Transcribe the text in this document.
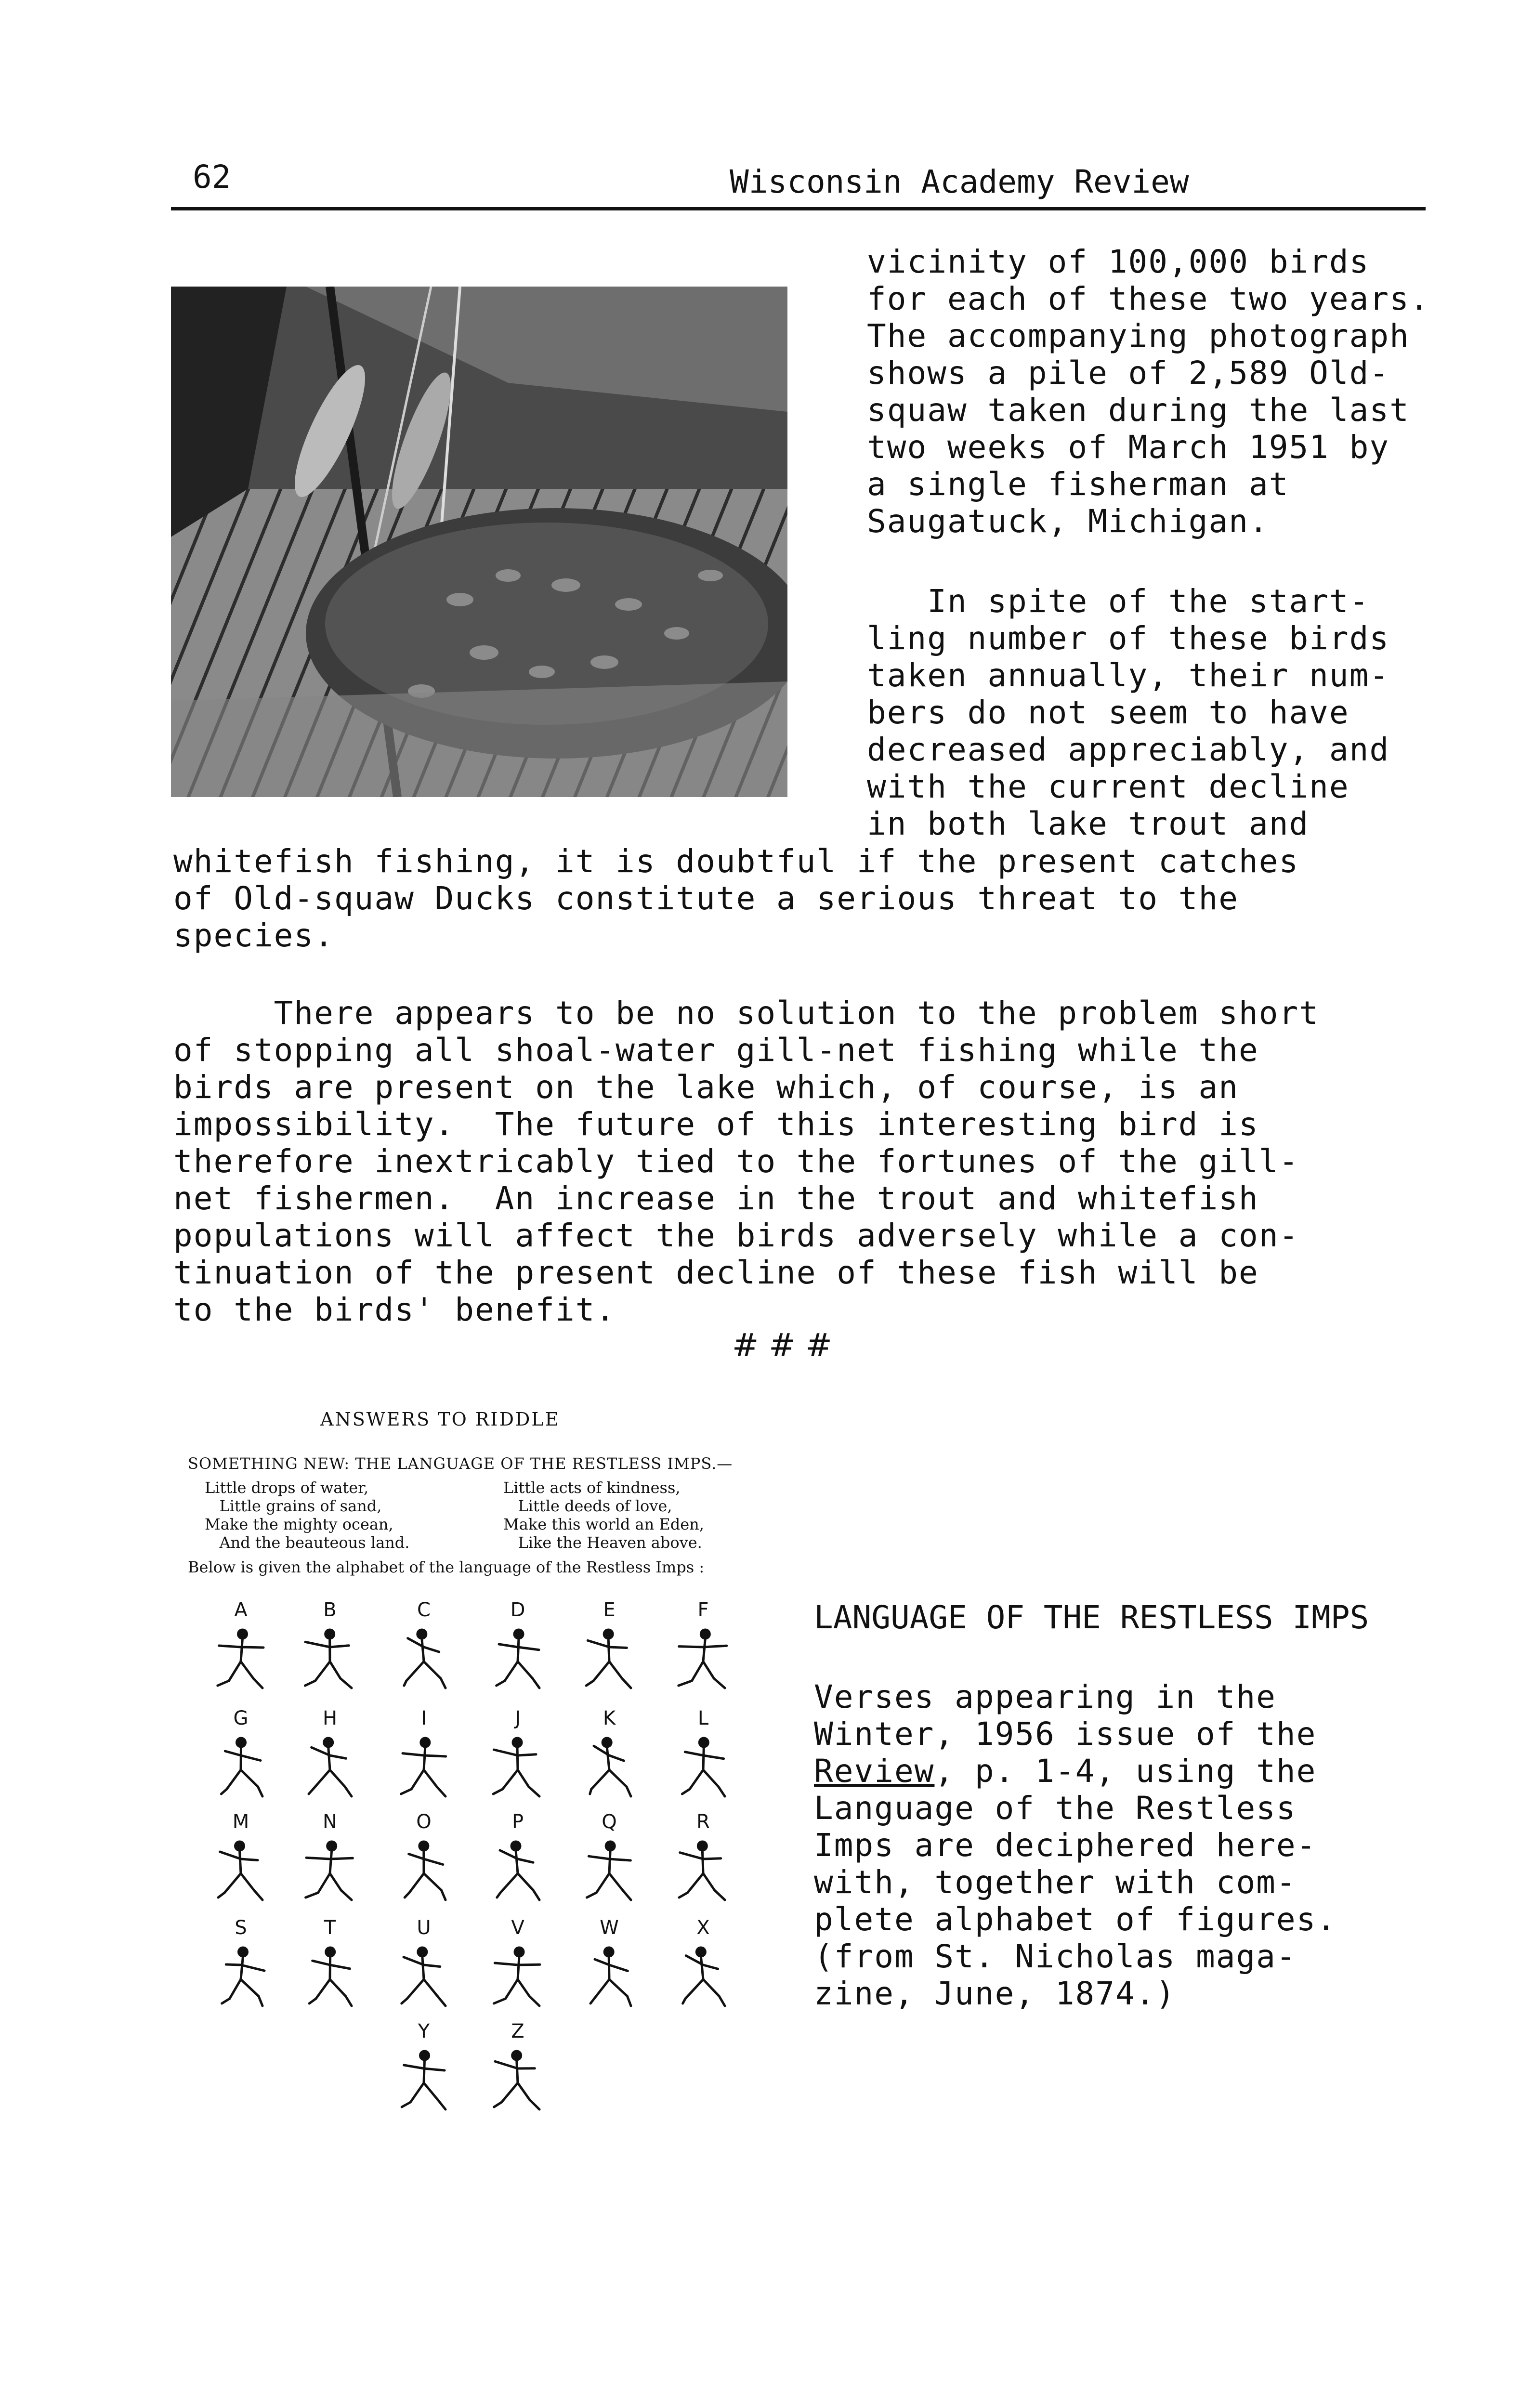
62	Wisconsin Academy Review
vicinity of 100,000 birds
for each of these two years.
The accompanying photograph
shows a pile of 2,589 Old-
squaw taken during the last
two weeks of March 1951 by
a single fisherman at
Saugatuck, Michigan.
In spite of the start-
ling number of these birds
taken annually, their num-
bers do not seem to have
decreased appreciably, and
with the current decline
in both lake trout and
whitefish fishing, it is doubtful if the present catches
of Old-squaw Ducks constitute a serious threat to the
species.
There appears to be no solution to the problem short
of stopping all shoal-water gill-net fishing while the
birds are present on the lake which, of course, is an
impossibility.  The future of this interesting bird is
therefore inextricably tied to the fortunes of the gill-
net fishermen.  An increase in the trout and whitefish
populations will affect the birds adversely while a con-
tinuation of the present decline of these fish will be
to the birds' benefit.
# # #
ANSWERS TO RIDDLE
SOMETHING NEW: THE LANGUAGE OF THE RESTLESS IMPS.—
Little drops of water,
Little grains of sand,
Make the mighty ocean,
And the beauteous land.
Little acts of kindness,
Little deeds of love,
Make this world an Eden,
Like the Heaven above.
Below is given the alphabet of the language of the Restless Imps :
A	B	C	D	E	F
G	H	I	J	K	L
M	N	O	P	Q	R
S	T	U	V	W	X
Y	Z
LANGUAGE OF THE RESTLESS IMPS
Verses appearing in the
Winter, 1956 issue of the
Review, p. 1-4, using the
Language of the Restless
Imps are deciphered here-
with, together with com-
plete alphabet of figures.
(from St. Nicholas maga-
zine, June, 1874.)
